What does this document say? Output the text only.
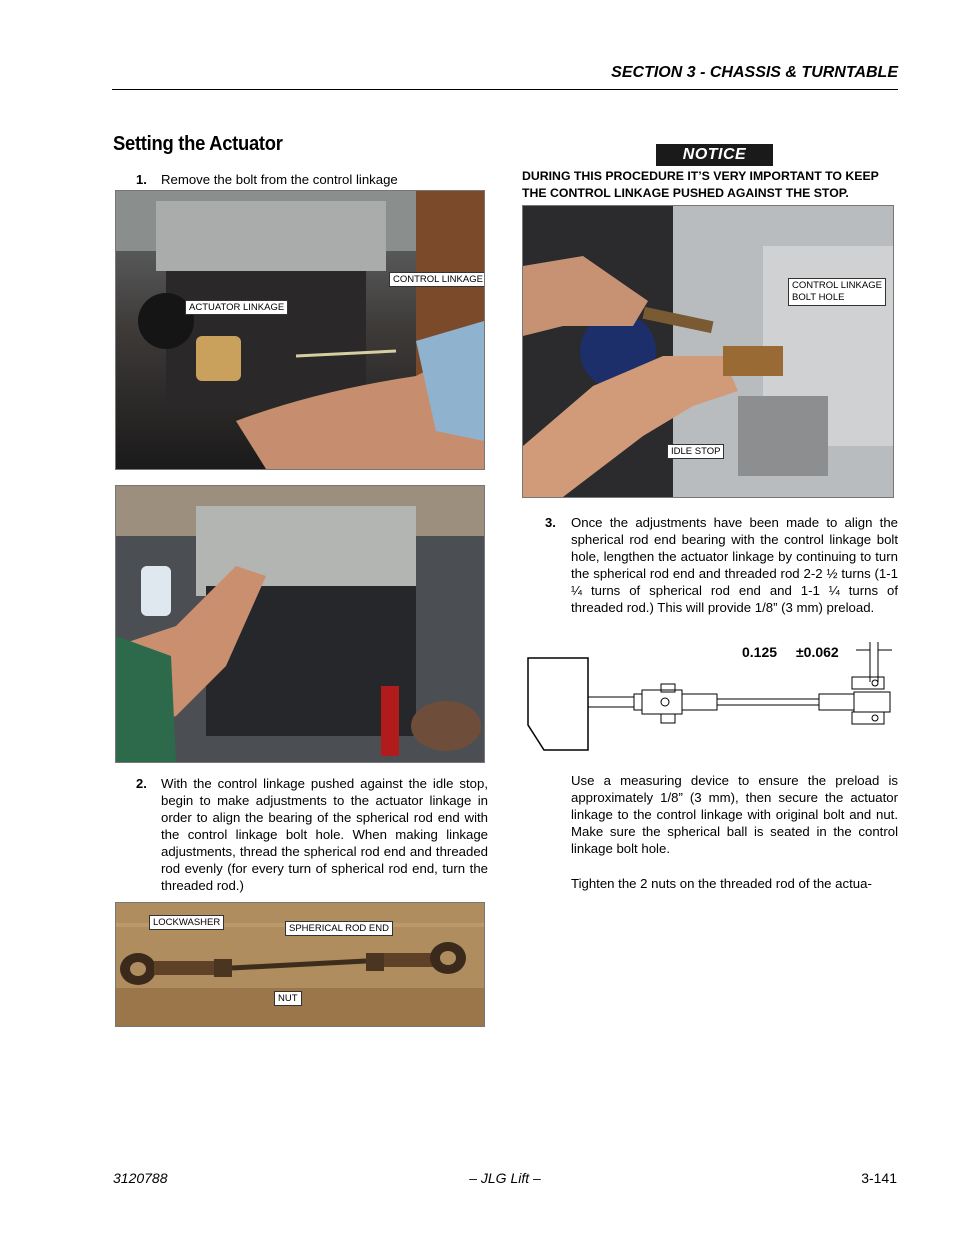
SECTION 3 - CHASSIS & TURNTABLE
Setting the Actuator
1. Remove the bolt from the control linkage
CONTROL LINKAGE
ACTUATOR LINKAGE
2. With the control linkage pushed against the idle stop, begin to make adjustments to the actuator linkage in order to align the bearing of the spherical rod end with the control linkage bolt hole. When making linkage adjustments, thread the spherical rod end and threaded rod evenly (for every turn of spherical rod end, turn the threaded rod.)
LOCKWASHER
SPHERICAL ROD END
NUT
NOTICE
DURING THIS PROCEDURE IT’S VERY IMPORTANT TO KEEP THE CONTROL LINKAGE PUSHED AGAINST THE STOP.
CONTROL LINKAGE
BOLT HOLE
IDLE STOP
3. Once the adjustments have been made to align the spherical rod end bearing with the control linkage bolt hole, lengthen the actuator linkage by continuing to turn the spherical rod end and threaded rod 2-2 ½ turns (1-1 ¼ turns of spherical rod end and 1-1 ¼ turns of threaded rod.) This will provide 1/8” (3 mm) preload.
0.125 ±0.062
Use a measuring device to ensure the preload is approximately 1/8” (3 mm), then secure the actuator linkage to the control linkage with original bolt and nut. Make sure the spherical ball is seated in the control linkage bolt hole.
Tighten the 2 nuts on the threaded rod of the actua-
3120788	– JLG Lift –	3-141
